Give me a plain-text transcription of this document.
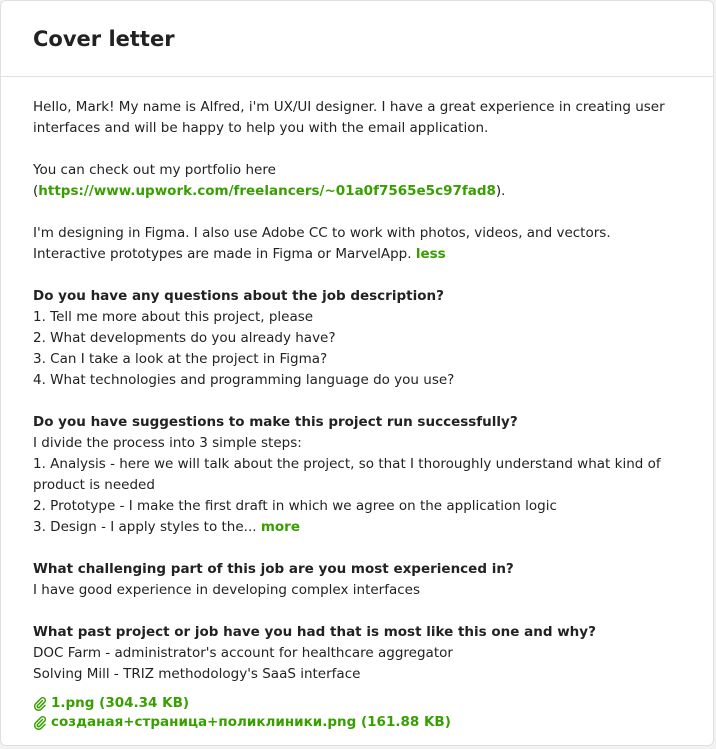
Cover letter

Hello, Mark! My name is Alfred, i'm UX/UI designer. I have a great experience in creating user interfaces and will be happy to help you with the email application.

You can check out my portfolio here
(https://www.upwork.com/freelancers/~01a0f7565e5c97fad8).

I'm designing in Figma. I also use Adobe CC to work with photos, videos, and vectors.
Interactive prototypes are made in Figma or MarvelApp. less

Do you have any questions about the job description?
1. Tell me more about this project, please
2. What developments do you already have?
3. Can I take a look at the project in Figma?
4. What technologies and programming language do you use?
Do you have suggestions to make this project run successfully?
I divide the process into 3 simple steps:
1. Analysis - here we will talk about the project, so that I thoroughly understand what kind of product is needed
2. Prototype - I make the first draft in which we agree on the application logic
3. Design - I apply styles to the... more
What challenging part of this job are you most experienced in?
I have good experience in developing complex interfaces
What past project or job have you had that is most like this one and why?
DOC Farm - administrator's account for healthcare aggregator
Solving Mill - TRIZ methodology's SaaS interface
1.png (304.34 KB)
созданая+страница+поликлиники.png (161.88 KB)
